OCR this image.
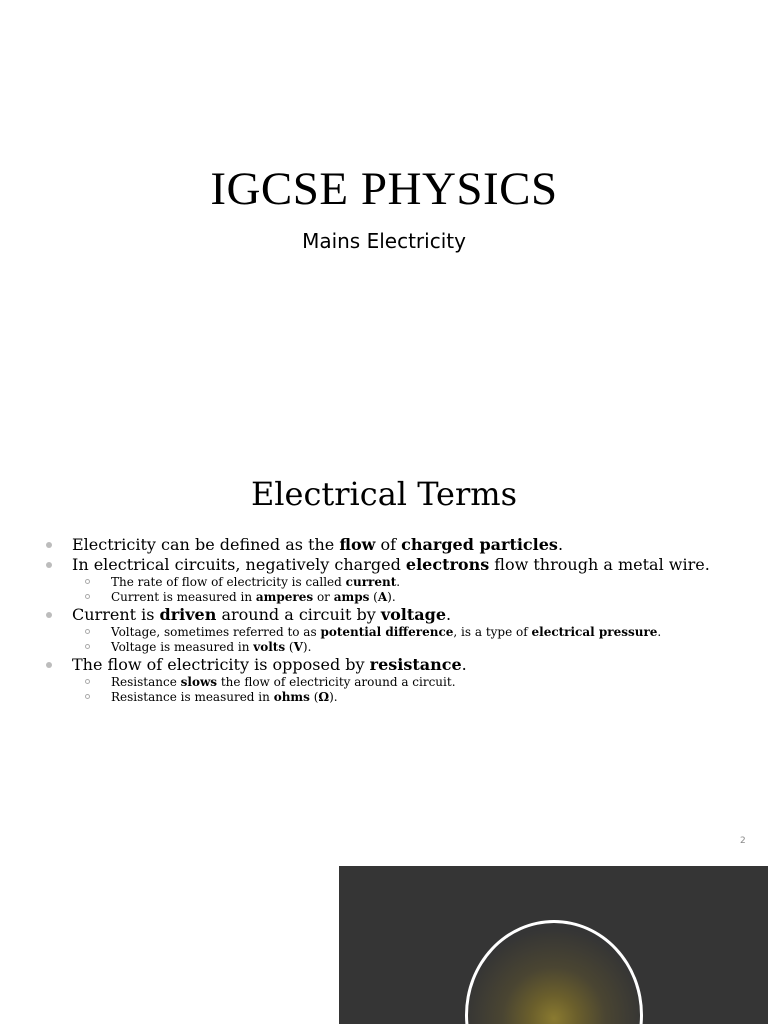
IGCSE PHYSICS
Mains Electricity
Electrical Terms
Electricity can be defined as the flow of charged particles.
In electrical circuits, negatively charged electrons flow through a metal wire.
The rate of flow of electricity is called current.
Current is measured in amperes or amps (A).
Current is driven around a circuit by voltage.
Voltage, sometimes referred to as potential difference, is a type of electrical pressure.
Voltage is measured in volts (V).
The flow of electricity is opposed by resistance.
Resistance slows the flow of electricity around a circuit.
Resistance is measured in ohms (Ω).
2
